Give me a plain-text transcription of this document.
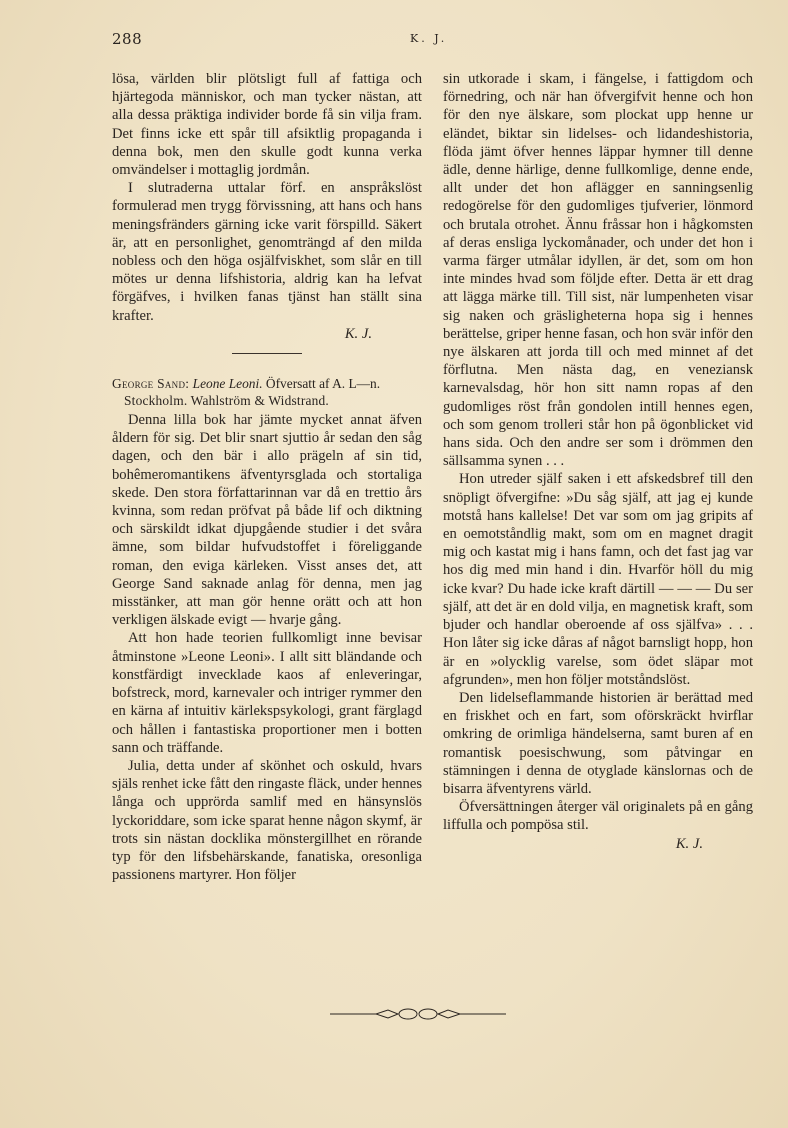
288	K. J.

lösa, världen blir plötsligt full af fattiga och hjärtegoda människor, och man tycker nästan, att alla dessa präktiga individer borde få sin vilja fram. Det finns icke ett spår till afsiktlig propaganda i denna bok, men den skulle godt kunna verka omvändelser i mottaglig jordmån.

I slutraderna uttalar förf. en anspråkslöst formulerad men trygg förvissning, att hans och hans meningsfränders gärning icke varit förspilld. Säkert är, att en personlighet, genomträngd af den milda nobless och den höga osjälfviskhet, som slår en till mötes ur denna lifshistoria, aldrig kan ha lefvat förgäfves, i hvilken fanas tjänst han ställt sina krafter.

K. J.

George Sand: Leone Leoni. Öfversatt af A. L—n.
Stockholm. Wahlström & Widstrand.

Denna lilla bok har jämte mycket annat äfven åldern för sig. Det blir snart sjuttio år sedan den såg dagen, och den bär i allo prägeln af sin tid, bohêmeromantikens äfventyrsglada och stortaliga skede. Den stora författarinnan var då en trettio års kvinna, som redan pröfvat på både lif och diktning och särskildt idkat djupgående studier i det svåra ämne, som bildar hufvudstoffet i föreliggande roman, den eviga kärleken. Visst anses det, att George Sand saknade anlag för denna, men jag misstänker, att man gör henne orätt och att hon verkligen älskade evigt — hvarje gång.

Att hon hade teorien fullkomligt inne bevisar åtminstone »Leone Leoni». I allt sitt bländande och konstfärdigt invecklade kaos af enleveringar, bofstreck, mord, karnevaler och intriger rymmer den en kärna af intuitiv kärlekspsykologi, grant färglagd och hållen i fantastiska proportioner men i botten sann och träffande.

Julia, detta under af skönhet och oskuld, hvars själs renhet icke fått den ringaste fläck, under hennes långa och upprörda samlif med en hänsynslös lyckoriddare, som icke sparat henne någon skymf, är trots sin nästan docklika mönstergillhet en rörande typ för den lifsbehärskande, fanatiska, oresonliga passionens martyrer. Hon följer

sin utkorade i skam, i fängelse, i fattigdom och förnedring, och när han öfvergifvit henne och hon för den nye älskare, som plockat upp henne ur eländet, biktar sin lidelses- och lidandeshistoria, flöda jämt öfver hennes läppar hymner till denne ädle, denne härlige, denne fullkomlige, denne ende, allt under det hon aflägger en sanningsenlig redogörelse för den gudomliges tjufverier, lönmord och brutala otrohet. Ännu fråssar hon i hågkomsten af deras ensliga lyckomånader, och under det hon i varma färger utmålar idyllen, är det, som om hon inte mindes hvad som följde efter. Detta är ett drag att lägga märke till. Till sist, när lumpenheten visar sig naken och gräsligheterna hopa sig i hennes berättelse, griper henne fasan, och hon svär inför den nye älskaren att jorda till och med minnet af det förflutna. Men nästa dag, en veneziansk karnevalsdag, hör hon sitt namn ropas af den gudomliges röst från gondolen intill hennes egen, och som genom trolleri står hon på ögonblicket vid hans sida. Och den andre ser som i drömmen den sällsamma synen . . .

Hon utreder själf saken i ett afskedsbref till den snöpligt öfvergifne: »Du såg själf, att jag ej kunde motstå hans kallelse! Det var som om jag gripits af en oemotståndlig makt, som om en magnet dragit mig och kastat mig i hans famn, och det fast jag var hos dig med min hand i din. Hvarför höll du mig icke kvar? Du hade icke kraft därtill — — — Du ser själf, att det är en dold vilja, en magnetisk kraft, som bjuder och handlar oberoende af oss själfva» . . . Hon låter sig icke dåras af något barnsligt hopp, hon är en »olycklig varelse, som ödet släpar mot afgrunden», men hon följer motståndslöst.

Den lidelseflammande historien är berättad med en friskhet och en fart, som oförskräckt hvirflar omkring de orimliga händelserna, samt buren af en romantisk poesischwung, som påtvingar en stämningen i denna de otyglade känslornas och de bisarra äfventyrens värld.

Öfversättningen återger väl originalets på en gång liffulla och pompösa stil.

K. J.
